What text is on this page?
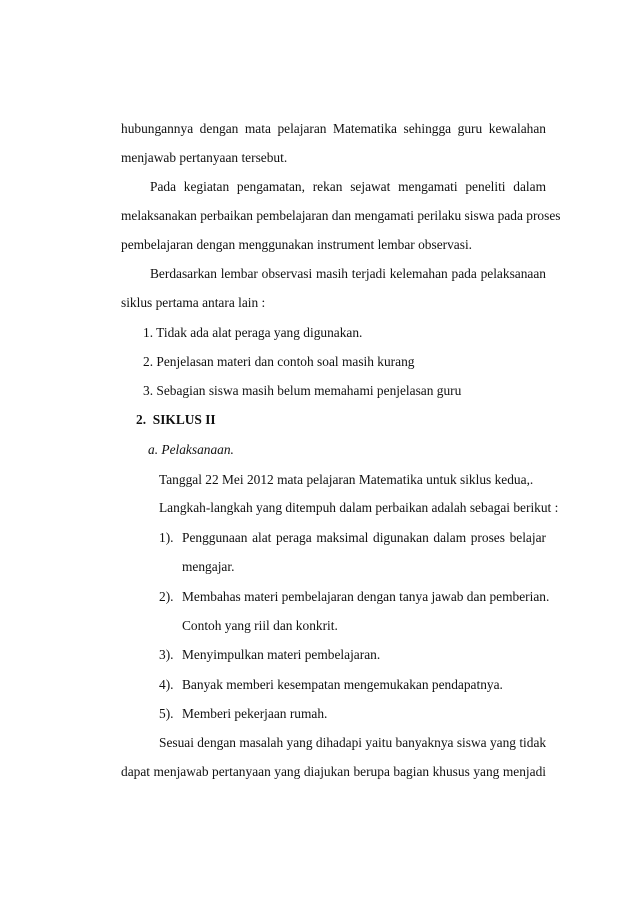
hubungannya dengan mata pelajaran Matematika sehingga guru kewalahan
menjawab pertanyaan tersebut.
Pada kegiatan pengamatan, rekan sejawat mengamati peneliti dalam
melaksanakan perbaikan pembelajaran dan mengamati perilaku siswa pada proses
pembelajaran dengan menggunakan instrument lembar observasi.
Berdasarkan lembar observasi masih terjadi kelemahan pada pelaksanaan
siklus pertama antara lain :
1. Tidak ada alat peraga yang digunakan.
2. Penjelasan materi dan contoh soal masih kurang
3. Sebagian siswa masih belum memahami penjelasan guru
2. SIKLUS II
a. Pelaksanaan.
Tanggal 22 Mei 2012 mata pelajaran Matematika untuk siklus kedua,.
Langkah-langkah yang ditempuh dalam perbaikan adalah sebagai berikut :
1). Penggunaan alat peraga maksimal digunakan dalam proses belajar
mengajar.
2). Membahas materi pembelajaran dengan tanya jawab dan pemberian.
Contoh yang riil dan konkrit.
3). Menyimpulkan materi pembelajaran.
4). Banyak memberi kesempatan mengemukakan pendapatnya.
5). Memberi pekerjaan rumah.
Sesuai dengan masalah yang dihadapi yaitu banyaknya siswa yang tidak
dapat menjawab pertanyaan yang diajukan berupa bagian khusus yang menjadi
